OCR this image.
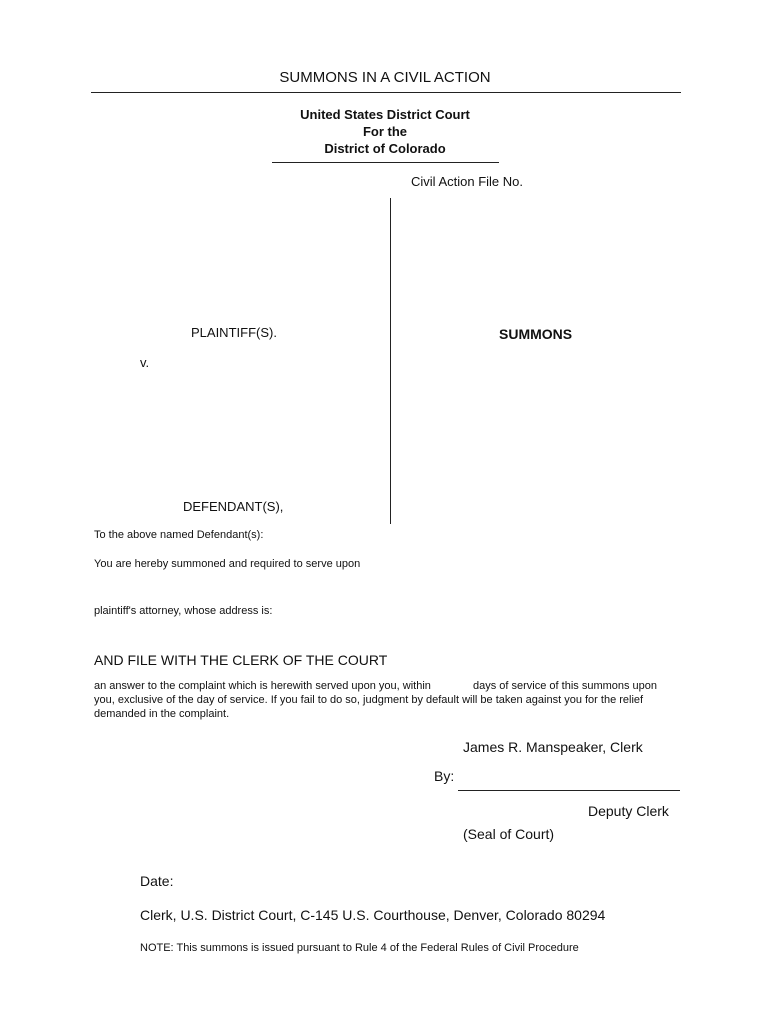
SUMMONS IN A CIVIL ACTION
United States District Court
For the
District of Colorado
Civil Action File No.
PLAINTIFF(S).	SUMMONS
v.
DEFENDANT(S),
To the above named Defendant(s):
You are hereby summoned and required to serve upon
plaintiff's attorney, whose address is:
AND FILE WITH THE CLERK OF THE COURT
an answer to the complaint which is herewith served upon you, within	days of service of this summons upon
you, exclusive of the day of service. If you fail to do so, judgment by default will be taken against you for the relief
demanded in the complaint.
James R. Manspeaker, Clerk
By:
Deputy Clerk
(Seal of Court)
Date:
Clerk, U.S. District Court, C-145 U.S. Courthouse, Denver, Colorado 80294
NOTE: This summons is issued pursuant to Rule 4 of the Federal Rules of Civil Procedure
